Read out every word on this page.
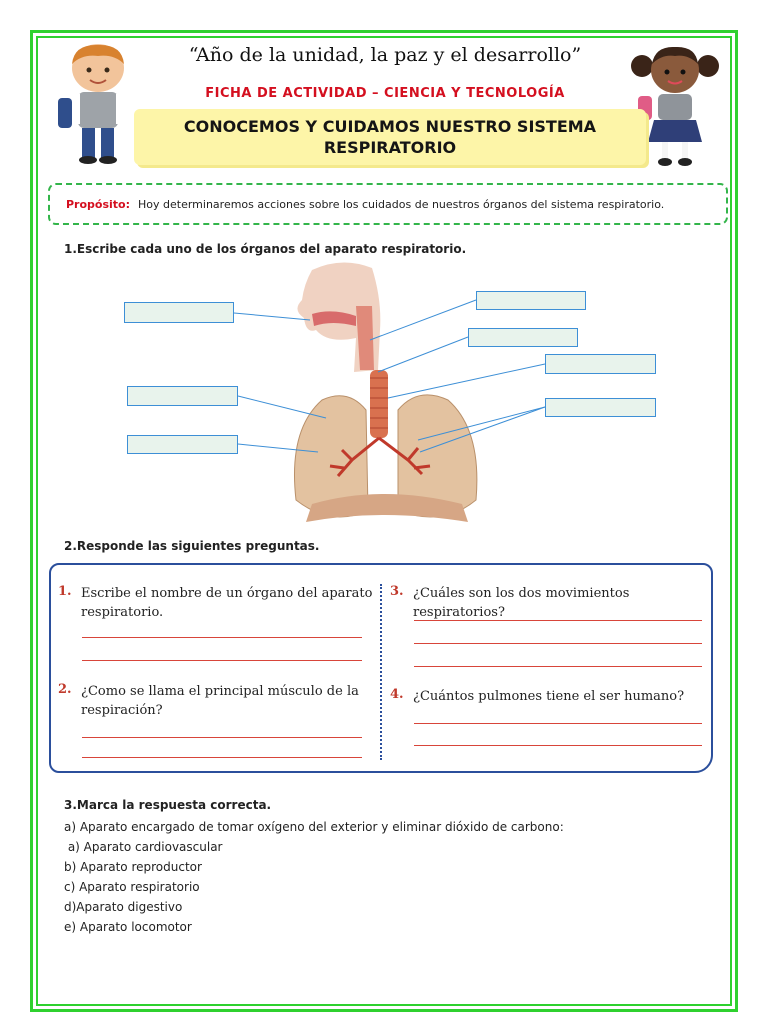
“Año de la unidad, la paz y el desarrollo”
FICHA DE ACTIVIDAD – CIENCIA Y TECNOLOGÍA
CONOCEMOS Y CUIDAMOS NUESTRO SISTEMA RESPIRATORIO
Propósito: Hoy determinaremos acciones sobre los cuidados de nuestros órganos del sistema respiratorio.
1.Escribe cada uno de los órganos del aparato respiratorio.
2.Responde las siguientes preguntas.
1. Escribe el nombre de un órgano del aparato respiratorio.
2. ¿Como se llama el principal músculo de la respiración?
3. ¿Cuáles son los dos movimientos respiratorios?
4. ¿Cuántos pulmones tiene el ser humano?
3.Marca la respuesta correcta.
a) Aparato encargado de tomar oxígeno del exterior y eliminar dióxido de carbono:
a) Aparato cardiovascular
b) Aparato reproductor
c) Aparato respiratorio
d)Aparato digestivo
e) Aparato locomotor
